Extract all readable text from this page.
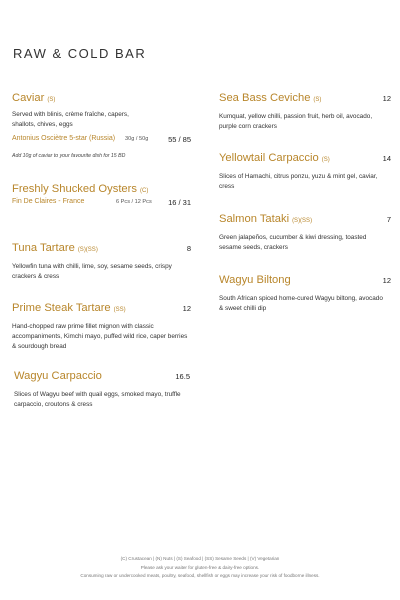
RAW & COLD BAR
Caviar (S)
Served with blinis, crème fraîche, capers, shallots, chives, eggs
Antonius Osciètre 5-star (Russia) 30g / 50g	55 / 85
Add 10g of caviar to your favourite dish for 15 BD
Freshly Shucked Oysters (C)
Fin De Claires - France	6 Pcs / 12 Pcs 16 / 31
Tuna Tartare (S)(SS)	8
Yellowfin tuna with chilli, lime, soy, sesame seeds, crispy crackers & cress
Prime Steak Tartare (SS)	12
Hand-chopped raw prime fillet mignon with classic accompaniments, Kimchi mayo, puffed wild rice, caper berries & sourdough bread
Wagyu Carpaccio	16.5
Slices of Wagyu beef with quail eggs, smoked mayo, truffle carpaccio, croutons & cress
Sea Bass Ceviche (S)	12
Kumquat, yellow chilli, passion fruit, herb oil, avocado, purple corn crackers
Yellowtail Carpaccio (S)	14
Slices of Hamachi, citrus ponzu, yuzu & mint gel, caviar, cress
Salmon Tataki (S)(SS)	7
Green jalapeños, cucumber & kiwi dressing, toasted sesame seeds, crackers
Wagyu Biltong	12
South African spiced home-cured Wagyu biltong, avocado & sweet chilli dip
(C) Crustacean | (N) Nuts | (S) Seafood | (SS) Sesame Seeds | (V) Vegetarian
Please ask your waiter for gluten-free & dairy-free options.
Consuming raw or undercooked meats, poultry, seafood, shellfish or eggs may increase your risk of foodborne illness.
